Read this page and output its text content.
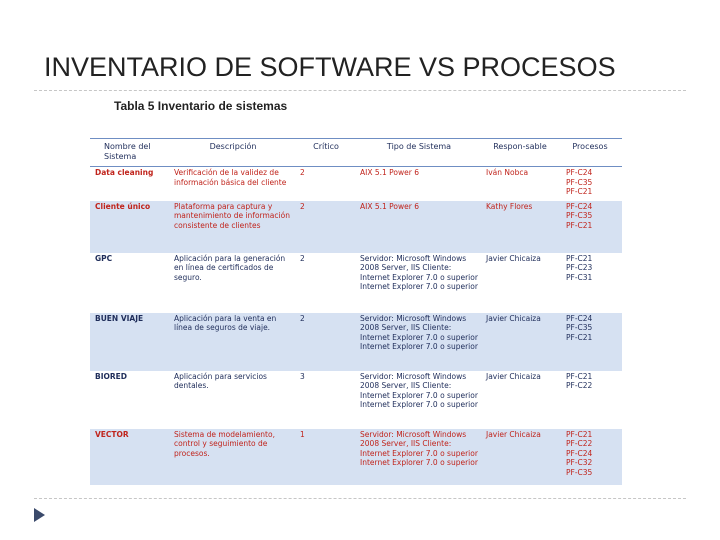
INVENTARIO DE SOFTWARE VS PROCESOS
Tabla 5 Inventario de sistemas
Nombre del Sistema	Descripción	Crítico	Tipo de Sistema	Respon-sable	Procesos
Data cleaning	Verificación de la validez de información básica del cliente	2	AIX 5.1 Power 6	Iván Nobca	PF-C24
PF-C35
PF-C21

Cliente único	Plataforma para captura y mantenimiento de información consistente de clientes	2	AIX 5.1 Power 6	Kathy Flores	PF-C24
PF-C35
PF-C21

GPC	Aplicación para la generación en línea de certificados de seguro.	2	Servidor: Microsoft Windows 2008 Server, IIS Cliente: Internet Explorer 7.0 o superior Internet Explorer 7.0 o superior	Javier Chicaiza	PF-C21
PF-C23
PF-C31

BUEN VIAJE	Aplicación para la venta en línea de seguros de viaje.	2	Servidor: Microsoft Windows 2008 Server, IIS Cliente: Internet Explorer 7.0 o superior Internet Explorer 7.0 o superior	Javier Chicaiza	PF-C24
PF-C35
PF-C21

BIORED	Aplicación para servicios dentales.	3	Servidor: Microsoft Windows 2008 Server, IIS Cliente: Internet Explorer 7.0 o superior Internet Explorer 7.0 o superior	Javier Chicaiza	PF-C21
PF-C22

VECTOR	Sistema de modelamiento, control y seguimiento de procesos.	1	Servidor: Microsoft Windows 2008 Server, IIS Cliente: Internet Explorer 7.0 o superior Internet Explorer 7.0 o superior	Javier Chicaiza	PF-C21
PF-C22
PF-C24
PF-C32
PF-C35
